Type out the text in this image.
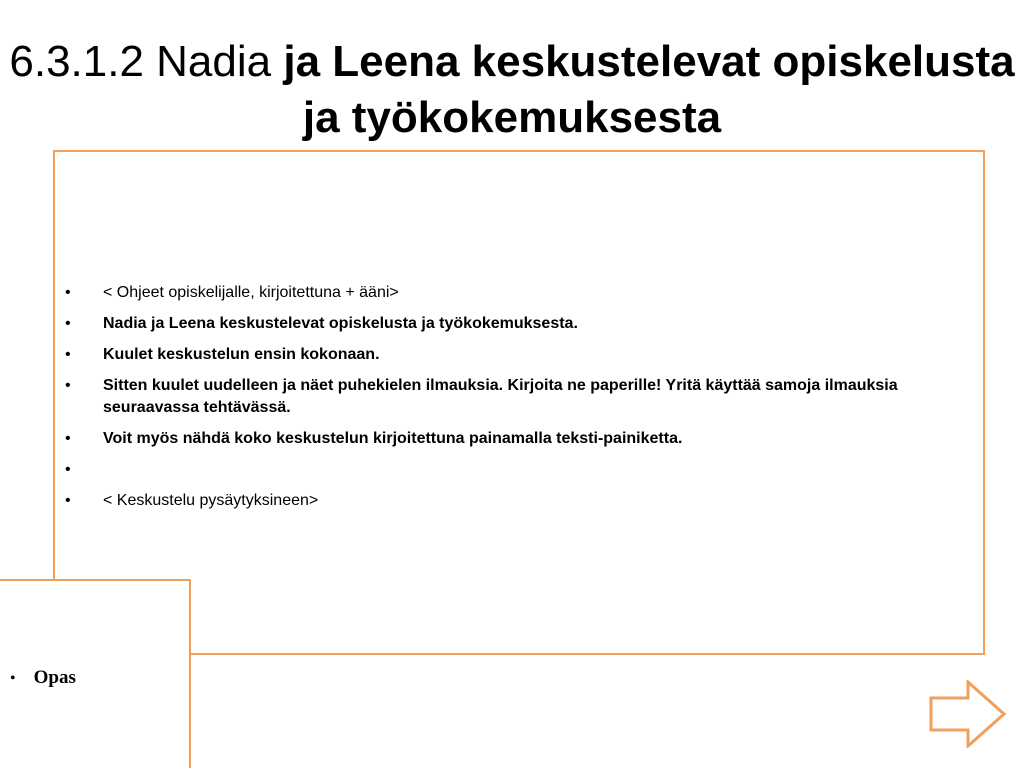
6.3.1.2 Nadia ja Leena keskustelevat opiskelusta ja työkokemuksesta
•	< Ohjeet opiskelijalle, kirjoitettuna + ääni>
•	Nadia ja Leena keskustelevat opiskelusta ja työkokemuksesta.
•	Kuulet keskustelun ensin kokonaan.
•	Sitten kuulet uudelleen ja näet puhekielen ilmauksia. Kirjoita ne paperille! Yritä käyttää samoja ilmauksia seuraavassa tehtävässä.
•	Voit myös nähdä koko keskustelun kirjoitettuna painamalla teksti-painiketta.
•
•	< Keskustelu pysäytyksineen>
• Opas
